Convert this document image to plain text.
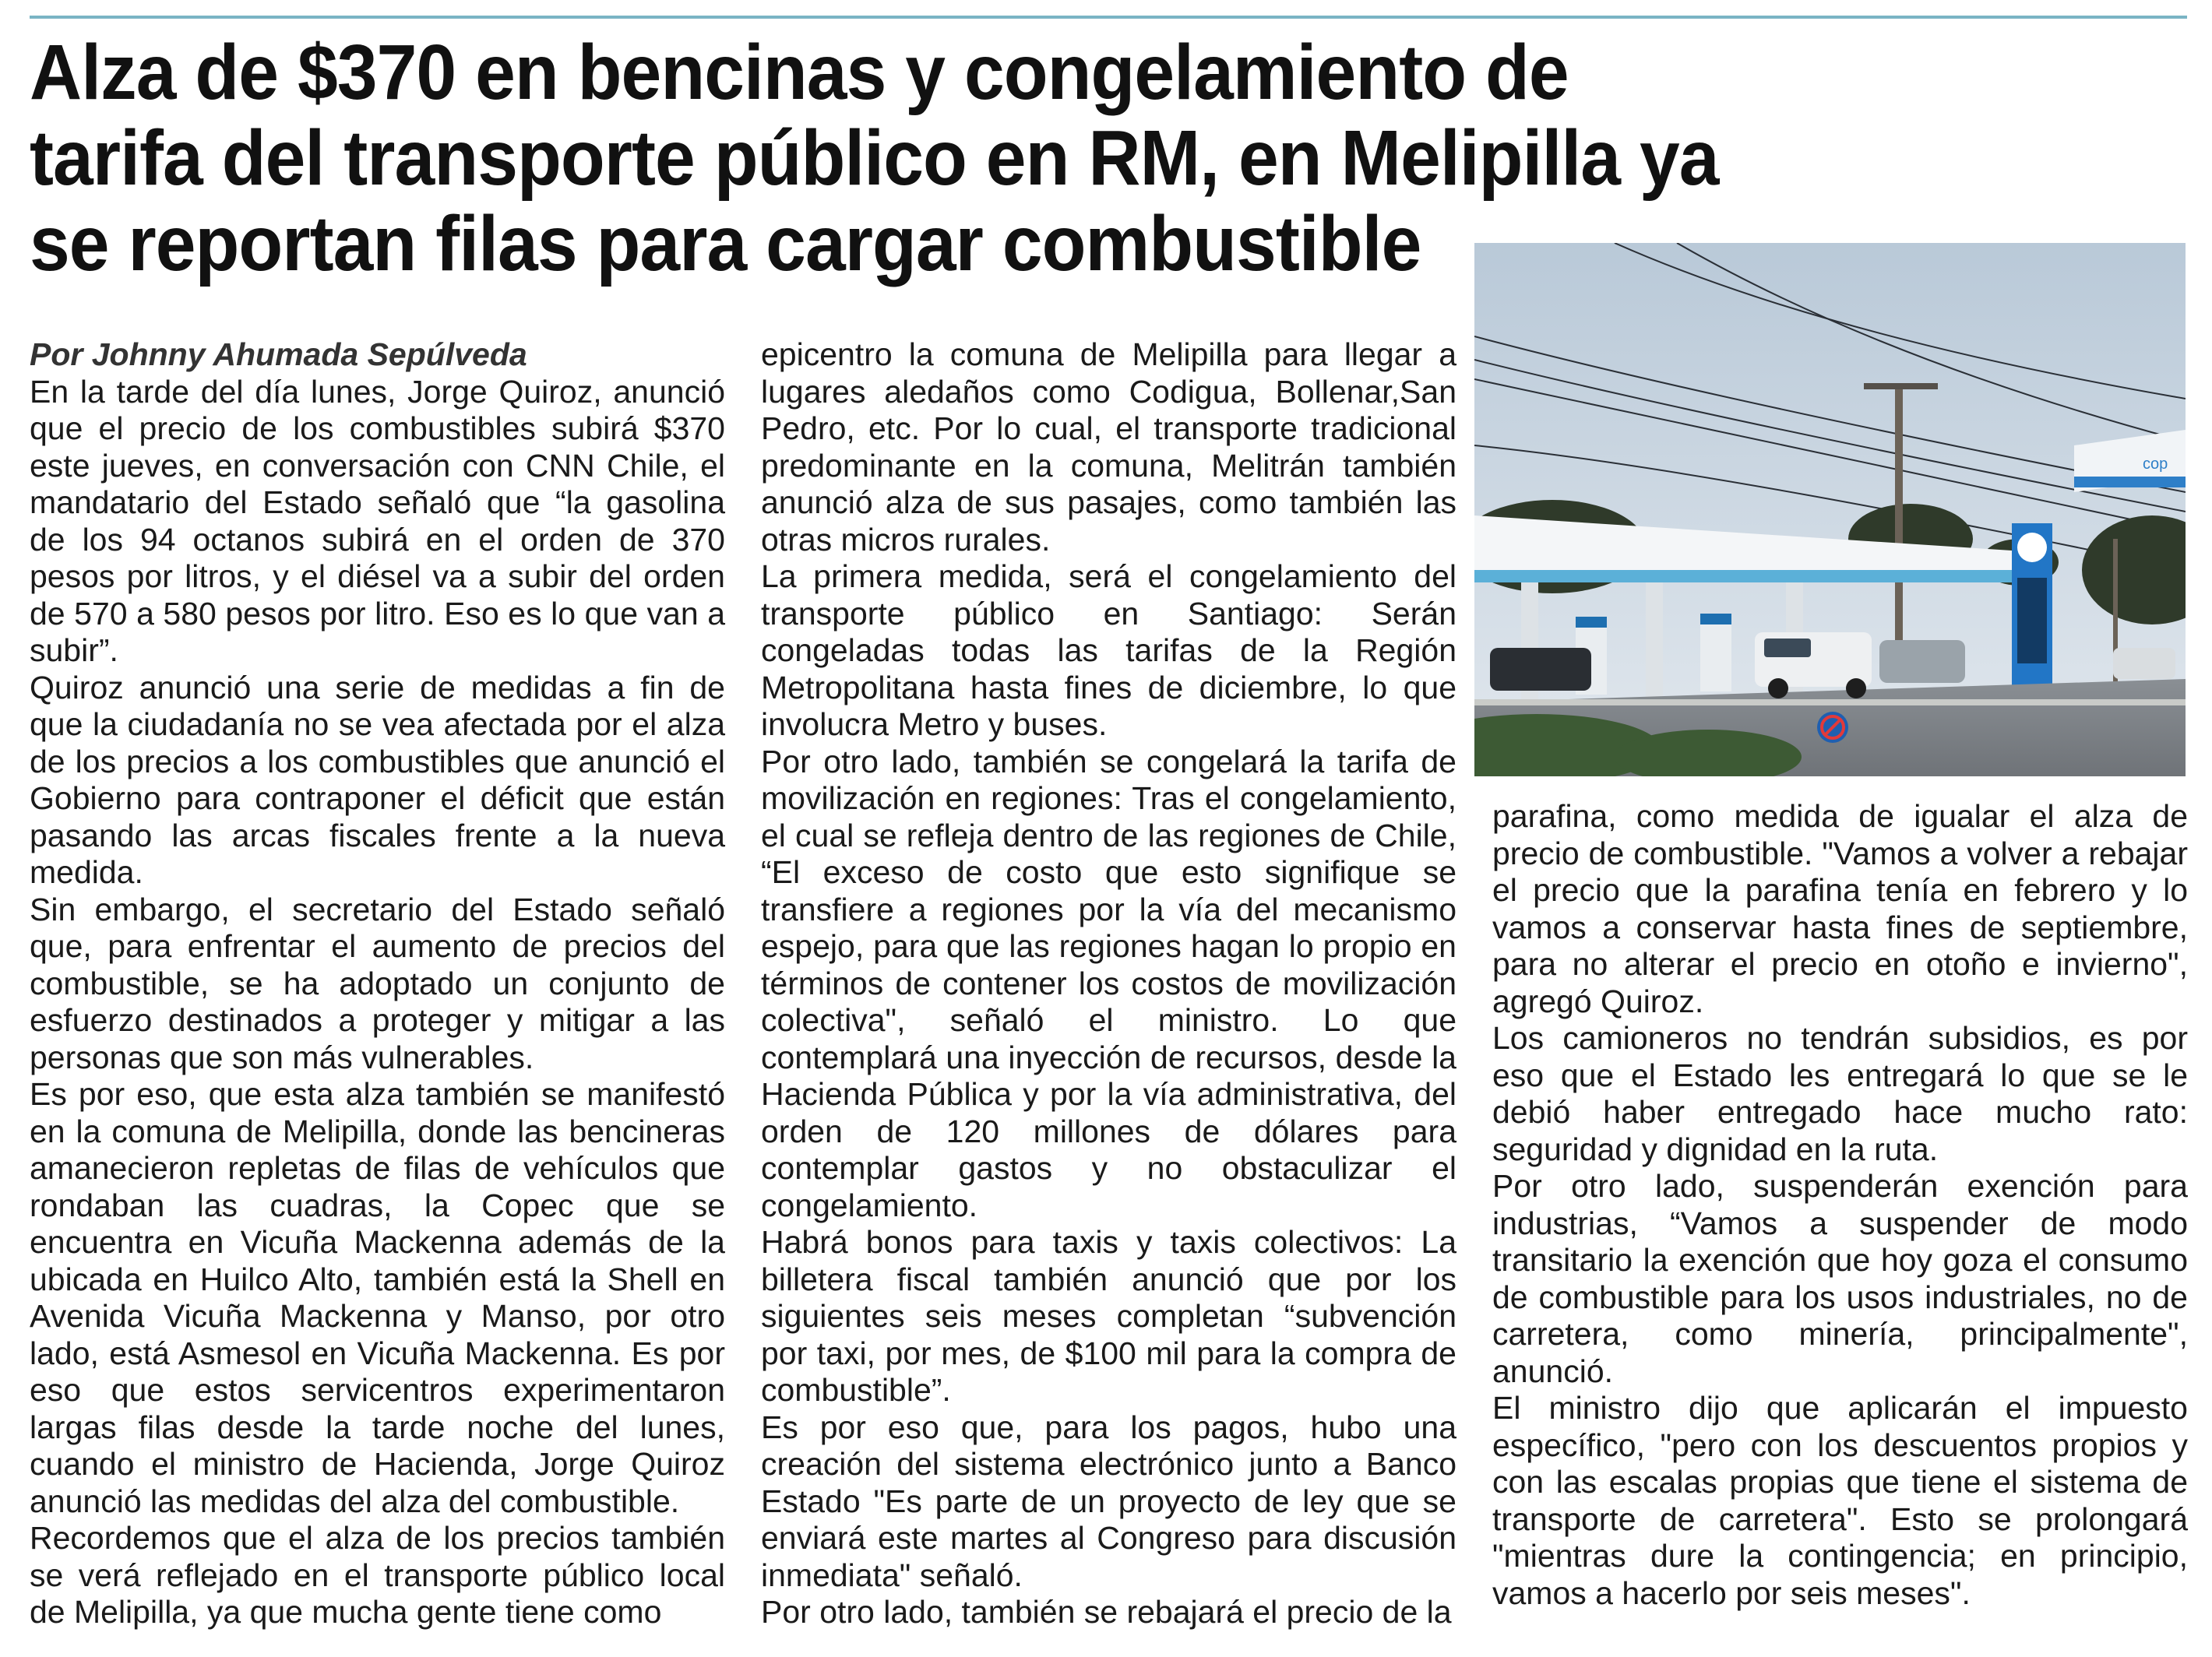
Alza de $370 en bencinas y congelamiento de tarifa del transporte público en RM, en Melipilla ya se reportan filas para cargar combustible

Por Johnny Ahumada Sepúlveda

En la tarde del día lunes, Jorge Quiroz, anunció que el precio de los combustibles subirá $370 este jueves, en conversación con CNN Chile, el mandatario del Estado señaló que “la gasolina de los 94 octanos subirá en el orden de 370 pesos por litros, y el diésel va a subir del orden de 570 a 580 pesos por litro. Eso es lo que van a subir”.

Quiroz anunció una serie de medidas a fin de que la ciudadanía no se vea afectada por el alza de los precios a los combustibles que anunció el Gobierno para contraponer el déficit que están pasando las arcas fiscales frente a la nueva medida.

Sin embargo, el secretario del Estado señaló que, para enfrentar el aumento de precios del combustible, se ha adoptado un conjunto de esfuerzo destinados a proteger y mitigar a las personas que son más vulnerables.

Es por eso, que esta alza también se manifestó en la comuna de Melipilla, donde las bencineras amanecieron repletas de filas de vehículos que rondaban las cuadras, la Copec que se encuentra en Vicuña Mackenna además de la ubicada en Huilco Alto, también está la Shell en Avenida Vicuña Mackenna y Manso, por otro lado, está Asmesol en Vicuña Mackenna. Es por eso que estos servicentros experimentaron largas filas desde la tarde noche del lunes, cuando el ministro de Hacienda, Jorge Quiroz anunció las medidas del alza del combustible.

Recordemos que el alza de los precios también se verá reflejado en el transporte público local de Melipilla, ya que mucha gente tiene como

epicentro la comuna de Melipilla para llegar a lugares aledaños como Codigua, Bollenar,San Pedro, etc. Por lo cual, el transporte tradicional predominante en la comuna, Melitrán también anunció alza de sus pasajes, como también las otras micros rurales.

La primera medida, será el congelamiento del transporte público en Santiago: Serán congeladas todas las tarifas de la Región Metropolitana hasta fines de diciembre, lo que involucra Metro y buses.

Por otro lado, también se congelará la tarifa de movilización en regiones: Tras el congelamiento, el cual se refleja dentro de las regiones de Chile, “El exceso de costo que esto signifique se transfiere a regiones por la vía del mecanismo espejo, para que las regiones hagan lo propio en términos de contener los costos de movilización colectiva", señaló el ministro. Lo que contemplará una inyección de recursos, desde la Hacienda Pública y por la vía administrativa, del orden de 120 millones de dólares para contemplar gastos y no obstaculizar el congelamiento.

Habrá bonos para taxis y taxis colectivos: La billetera fiscal también anunció que por los siguientes seis meses completan “subvención por taxi, por mes, de $100 mil para la compra de combustible”.

Es por eso que, para los pagos, hubo una creación del sistema electrónico junto a Banco Estado "Es parte de un proyecto de ley que se enviará este martes al Congreso para discusión inmediata" señaló.

Por otro lado, también se rebajará el precio de la

cop

parafina, como medida de igualar el alza de precio de combustible. "Vamos a volver a rebajar el precio que la parafina tenía en febrero y lo vamos a conservar hasta fines de septiembre, para no alterar el precio en otoño e invierno", agregó Quiroz.

Los camioneros no tendrán subsidios, es por eso que el Estado les entregará lo que se le debió haber entregado hace mucho rato: seguridad y dignidad en la ruta.

Por otro lado, suspenderán exención para industrias, “Vamos a suspender de modo transitario la exención que hoy goza el consumo de combustible para los usos industriales, no de carretera, como minería, principalmente", anunció.

El ministro dijo que aplicarán el impuesto específico, "pero con los descuentos propios y con las escalas propias que tiene el sistema de transporte de carretera". Esto se prolongará "mientras dure la contingencia; en principio, vamos a hacerlo por seis meses".
